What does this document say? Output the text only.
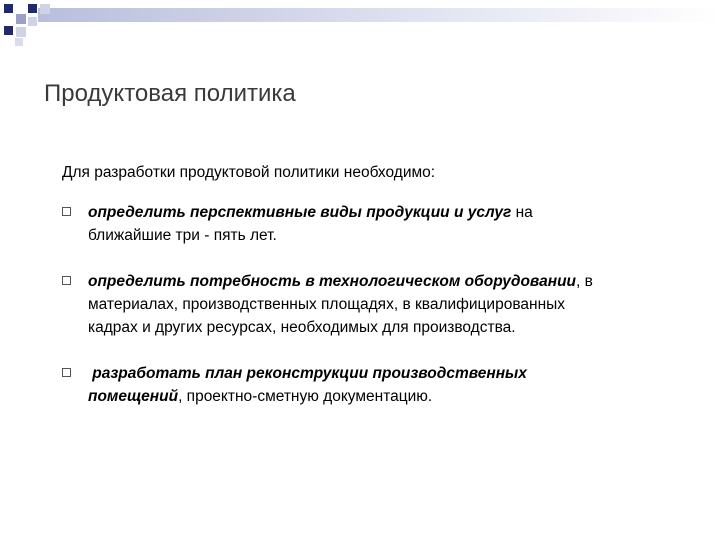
Продуктовая политика

Для разработки продуктовой политики необходимо:

определить перспективные виды продукции и услуг на
ближайшие три - пять лет.
определить потребность в технологическом оборудовании, в
материалах, производственных площадях, в квалифицированных
кадрах и других ресурсах, необходимых для производства.
разработать план реконструкции производственных
помещений, проектно-сметную документацию.
